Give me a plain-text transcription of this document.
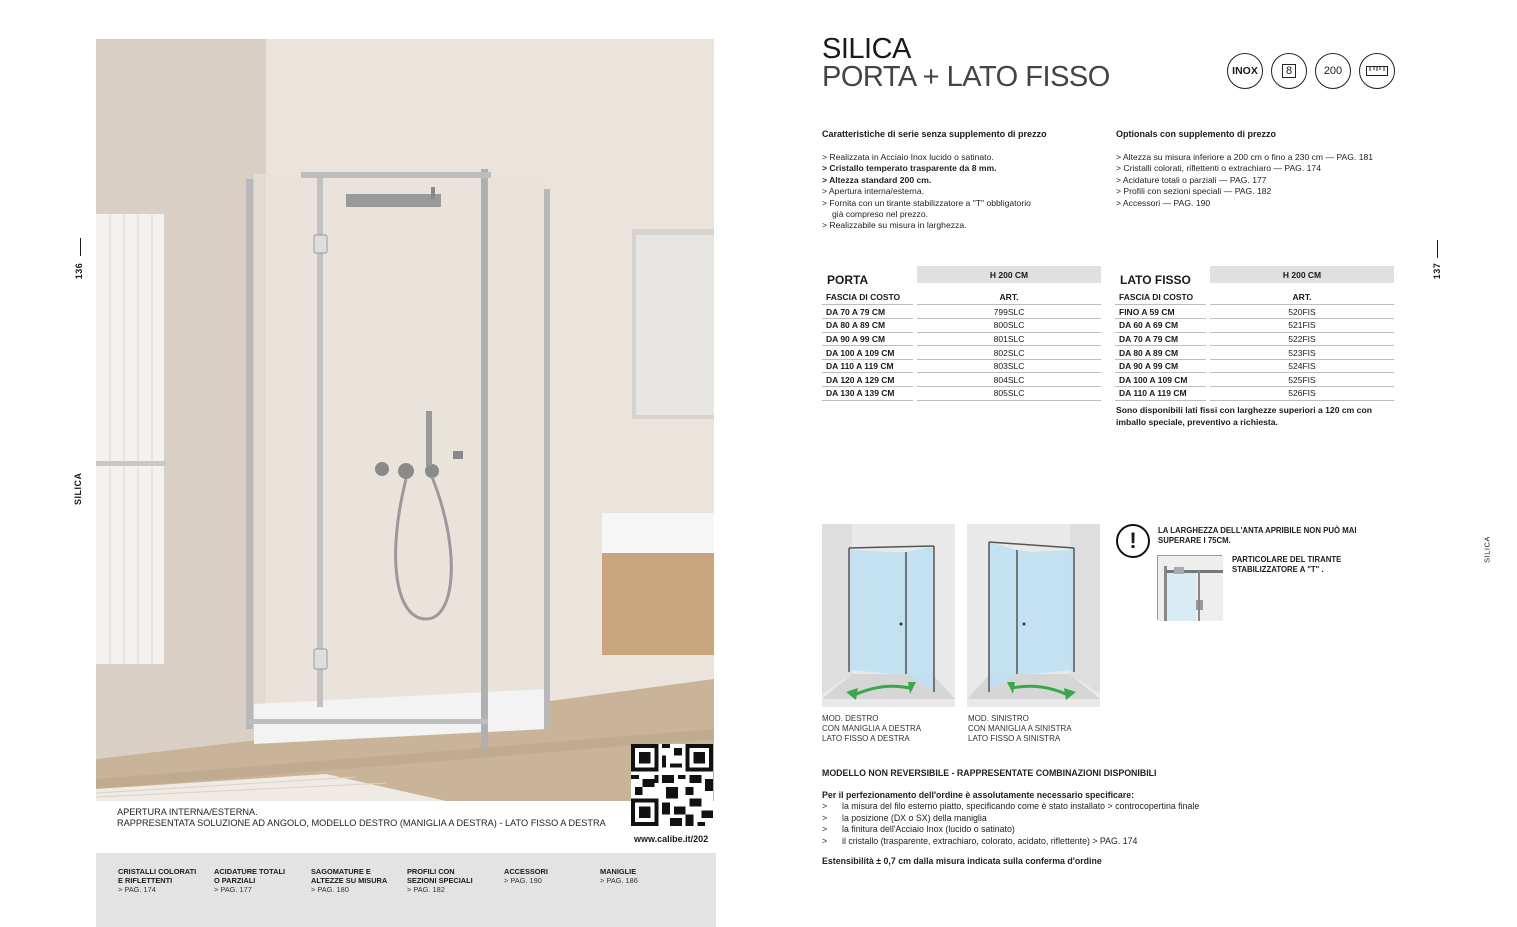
136
SILICA
www.calibe.it/202
APERTURA INTERNA/ESTERNA.
RAPPRESENTATA SOLUZIONE AD ANGOLO, MODELLO DESTRO (MANIGLIA A DESTRA) - LATO FISSO A DESTRA
CRISTALLI COLORATI
E RIFLETTENTI
> PAG. 174
ACIDATURE TOTALI
O PARZIALI
> PAG. 177
SAGOMATURE E
ALTEZZE SU MISURA
> PAG. 180
PROFILI CON
SEZIONI SPECIALI
> PAG. 182
ACCESSORI
> PAG. 190
MANIGLIE
> PAG. 186
SILICA
PORTA + LATO FISSO	INOX	8	200
Caratteristiche di serie senza supplemento di prezzo
> Realizzata in Acciaio Inox lucido o satinato.
> Cristallo temperato trasparente da 8 mm.
> Altezza standard 200 cm.
> Apertura interna/esterna.
> Fornita con un tirante stabilizzatore a "T" obbligatorio
già compreso nel prezzo.
> Realizzabile su misura in larghezza.
Optionals con supplemento di prezzo
> Altezza su misura inferiore a 200 cm o fino a 230 cm — PAG. 181
> Cristalli colorati, riflettenti o extrachiaro — PAG. 174
> Acidature totali o parziali — PAG. 177
> Profili con sezioni speciali — PAG. 182
> Accessori — PAG. 190
PORTA	H 200 CM
FASCIA DI COSTO	ART.
DA 70 A 79 CM	799SLC
DA 80 A 89 CM	800SLC
DA 90 A 99 CM	801SLC
DA 100 A 109 CM	802SLC
DA 110 A 119 CM	803SLC
DA 120 A 129 CM	804SLC
DA 130 A 139 CM	805SLC
LATO FISSO	H 200 CM
FASCIA DI COSTO	ART.
FINO A 59 CM	520FIS
DA 60 A 69 CM	521FIS
DA 70 A 79 CM	522FIS
DA 80 A 89 CM	523FIS
DA 90 A 99 CM	524FIS
DA 100 A 109 CM	525FIS
DA 110 A 119 CM	526FIS
Sono disponibili lati fissi con larghezze superiori a 120 cm con
imballo speciale, preventivo a richiesta.
137
SILICA
MOD. DESTRO
CON MANIGLIA A DESTRA
LATO FISSO A DESTRA
MOD. SINISTRO
CON MANIGLIA A SINISTRA
LATO FISSO A SINISTRA
!	LA LARGHEZZA DELL'ANTA APRIBILE NON PUÒ MAI
SUPERARE I 75CM.
PARTICOLARE DEL TIRANTE
STABILIZZATORE A "T" .
MODELLO NON REVERSIBILE - RAPPRESENTATE COMBINAZIONI DISPONIBILI
Per il perfezionamento dell'ordine è assolutamente necessario specificare:
> la misura del filo esterno piatto, specificando come è stato installato > controcopertina finale
> la posizione (DX o SX) della maniglia
> la finitura dell'Acciaio Inox (lucido o satinato)
> il cristallo (trasparente, extrachiaro, colorato, acidato, riflettente) > PAG. 174
Estensibilità ± 0,7 cm dalla misura indicata sulla conferma d'ordine
